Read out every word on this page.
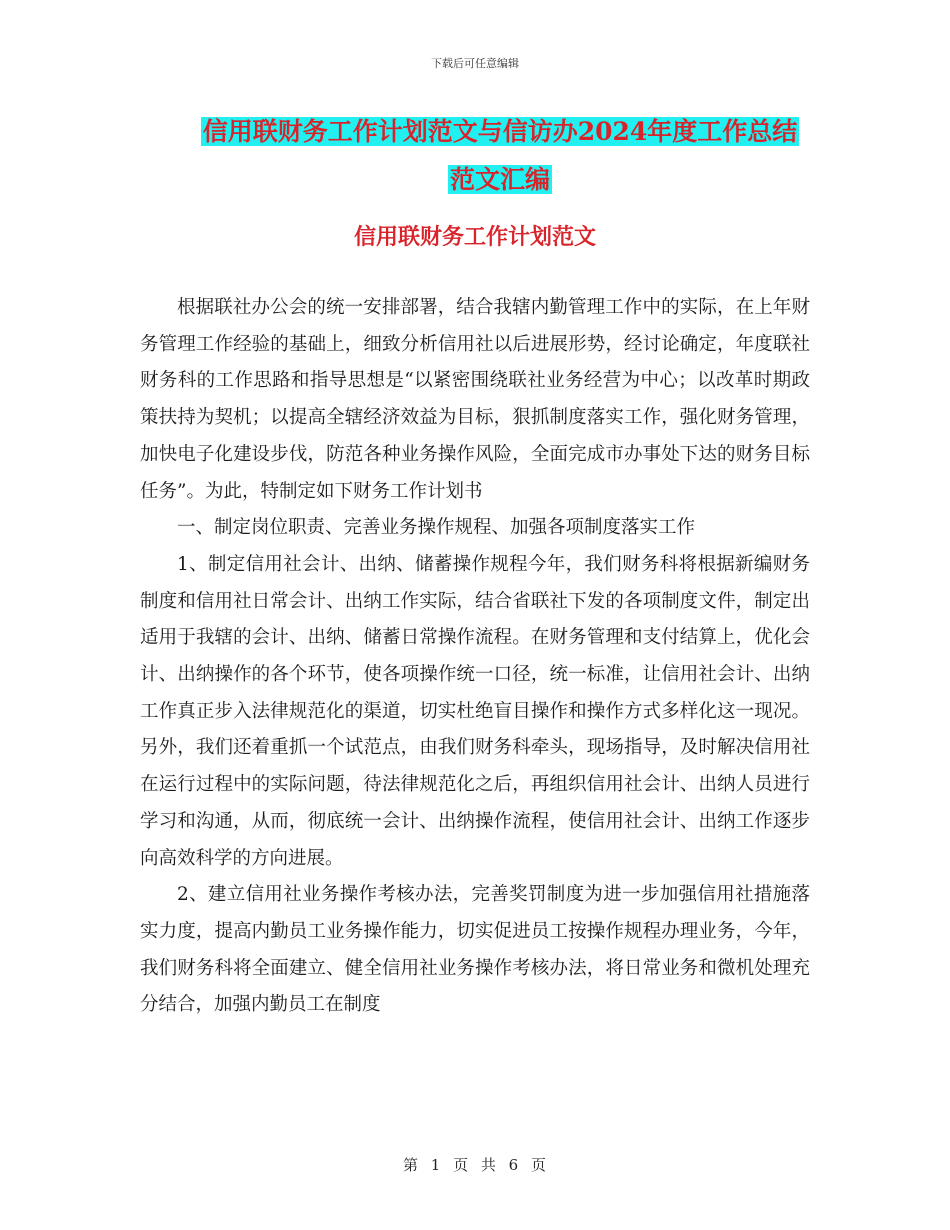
下载后可任意编辑
信用联财务工作计划范文与信访办2024年度工作总结
范文汇编
信用联财务工作计划范文

根据联社办公会的统一安排部署，结合我辖内勤管理工作中的实际，在上年财务管理工作经验的基础上，细致分析信用社以后进展形势，经讨论确定，年度联社财务科的工作思路和指导思想是“以紧密围绕联社业务经营为中心；以改革时期政策扶持为契机；以提高全辖经济效益为目标，狠抓制度落实工作，强化财务管理，加快电子化建设步伐，防范各种业务操作风险，全面完成市办事处下达的财务目标任务”。为此，特制定如下财务工作计划书

一、制定岗位职责、完善业务操作规程、加强各项制度落实工作

1、制定信用社会计、出纳、储蓄操作规程今年，我们财务科将根据新编财务制度和信用社日常会计、出纳工作实际，结合省联社下发的各项制度文件，制定出适用于我辖的会计、出纳、储蓄日常操作流程。在财务管理和支付结算上，优化会计、出纳操作的各个环节，使各项操作统一口径，统一标准，让信用社会计、出纳工作真正步入法律规范化的渠道，切实杜绝盲目操作和操作方式多样化这一现况。另外，我们还着重抓一个试范点，由我们财务科牵头，现场指导，及时解决信用社在运行过程中的实际问题，待法律规范化之后，再组织信用社会计、出纳人员进行学习和沟通，从而，彻底统一会计、出纳操作流程，使信用社会计、出纳工作逐步向高效科学的方向进展。

2、建立信用社业务操作考核办法，完善奖罚制度为进一步加强信用社措施落实力度，提高内勤员工业务操作能力，切实促进员工按操作规程办理业务，今年，我们财务科将全面建立、健全信用社业务操作考核办法，将日常业务和微机处理充分结合，加强内勤员工在制度

第 1 页 共 6 页
